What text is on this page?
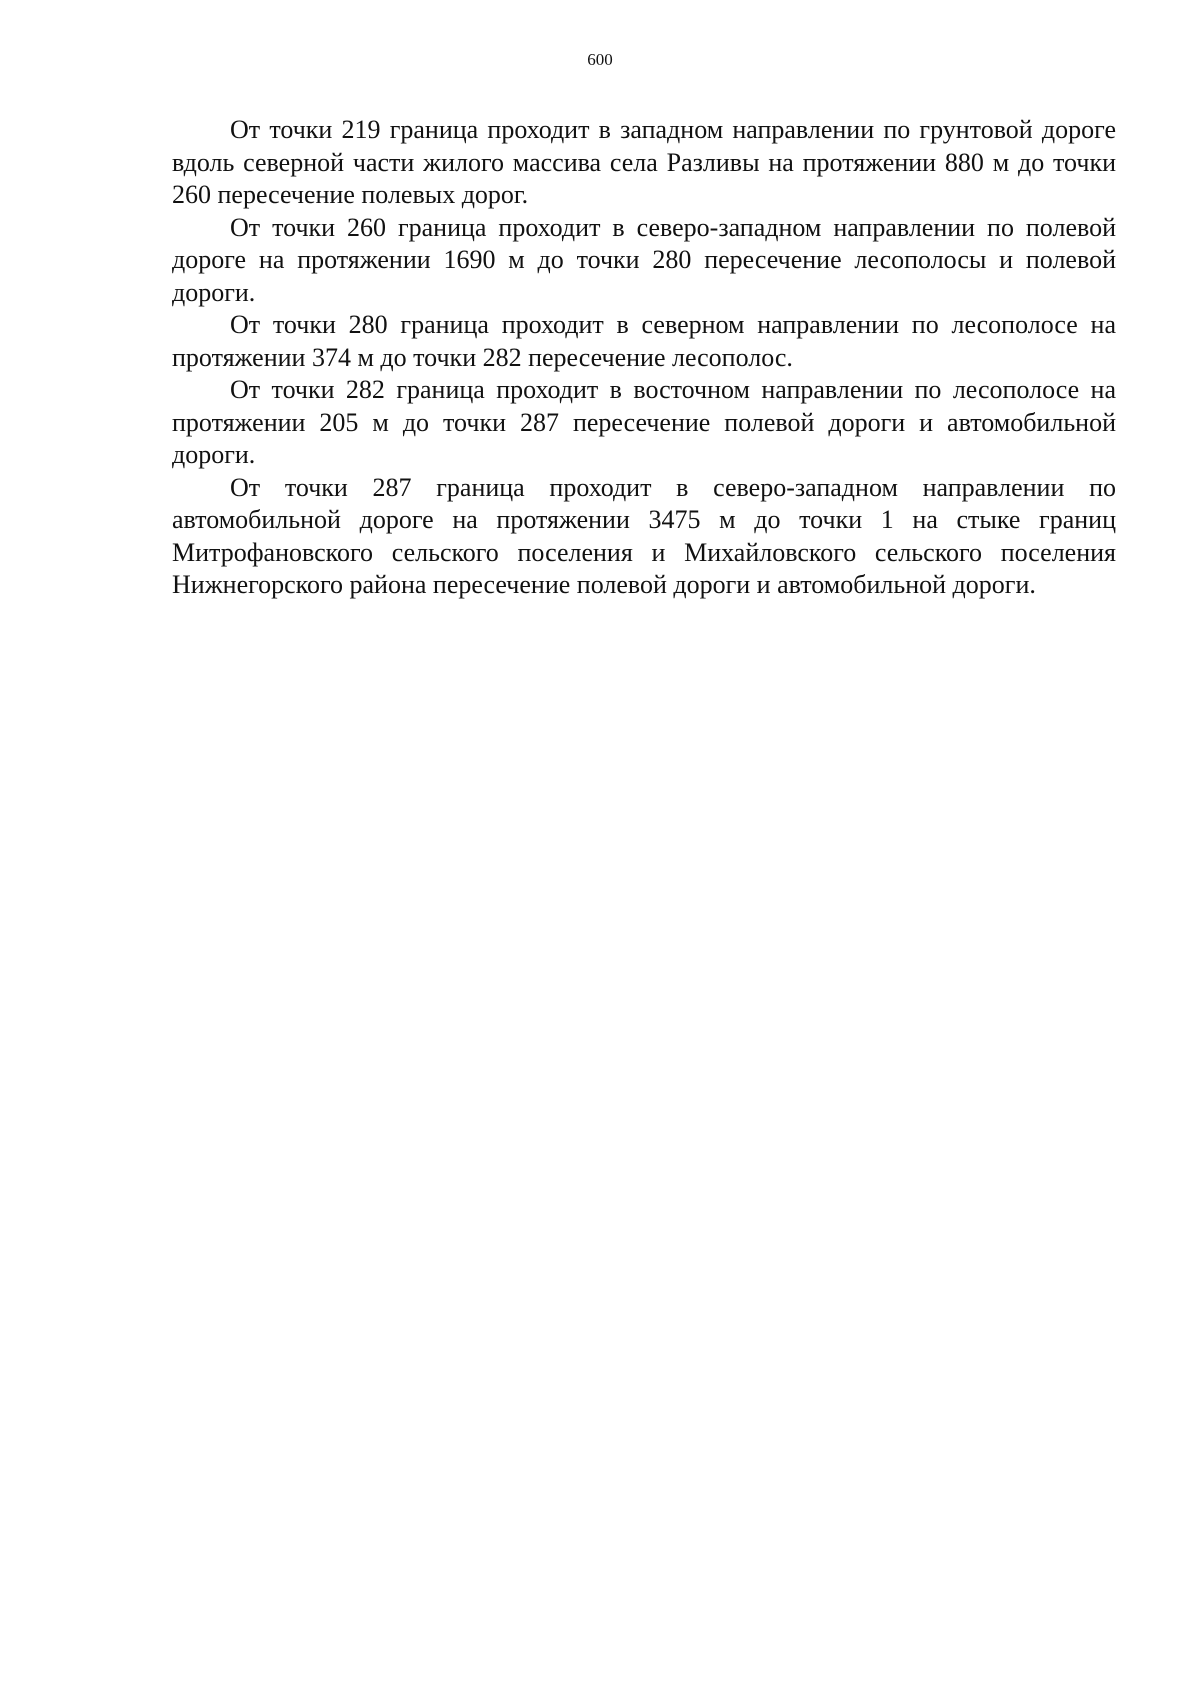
600

От точки 219 граница проходит в западном направлении по грунтовой дороге вдоль северной части жилого массива села Разливы на протяжении 880 м до точки 260 пересечение полевых дорог.

От точки 260 граница проходит в северо-западном направлении по полевой дороге на протяжении 1690 м до точки 280 пересечение лесополосы и полевой дороги.

От точки 280 граница проходит в северном направлении по лесополосе на протяжении 374 м до точки 282 пересечение лесополос.

От точки 282 граница проходит в восточном направлении по лесополосе на протяжении 205 м до точки 287 пересечение полевой дороги и автомобильной дороги.

От точки 287 граница проходит в северо-западном направлении по автомобильной дороге на протяжении 3475 м до точки 1 на стыке границ Митрофановского сельского поселения и Михайловского сельского поселения Нижнегорского района пересечение полевой дороги и автомобильной дороги.
